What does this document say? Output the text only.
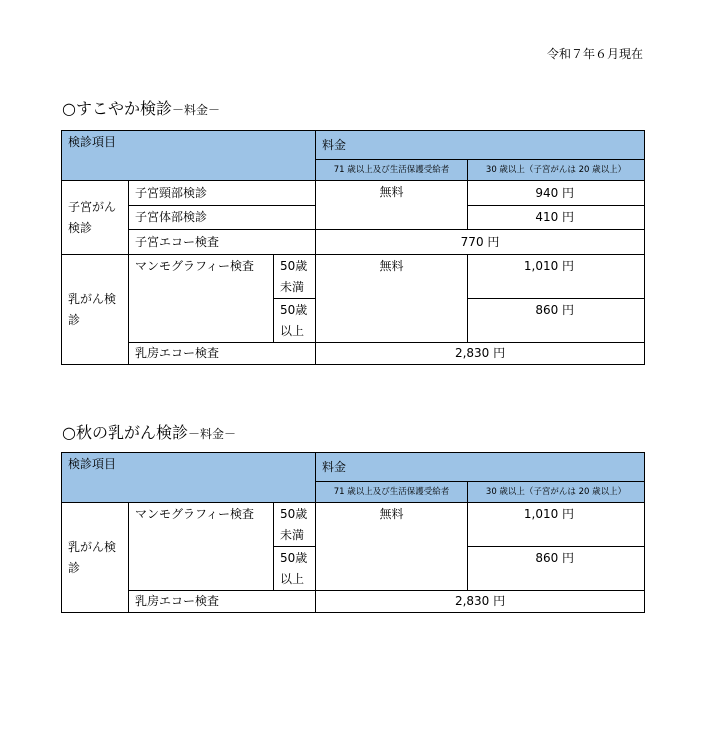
令和７年６月現在
○すこやか検診－料金－
検診項目			料金	
			71 歳以上及び生活保護受給者	30 歳以上（子宮がんは 20 歳以上）
子宮がん検診	子宮頸部検診		無料	940 円
	子宮体部検診			410 円
	子宮エコー検査		770 円	
乳がん検診	マンモグラフィー検査	50歳未満	無料	1,010 円
		50歳以上		860 円
	乳房エコー検査		2,830 円	
○秋の乳がん検診－料金－
検診項目			料金	
			71 歳以上及び生活保護受給者	30 歳以上（子宮がんは 20 歳以上）
乳がん検診	マンモグラフィー検査	50歳未満	無料	1,010 円
		50歳以上		860 円
	乳房エコー検査		2,830 円	
